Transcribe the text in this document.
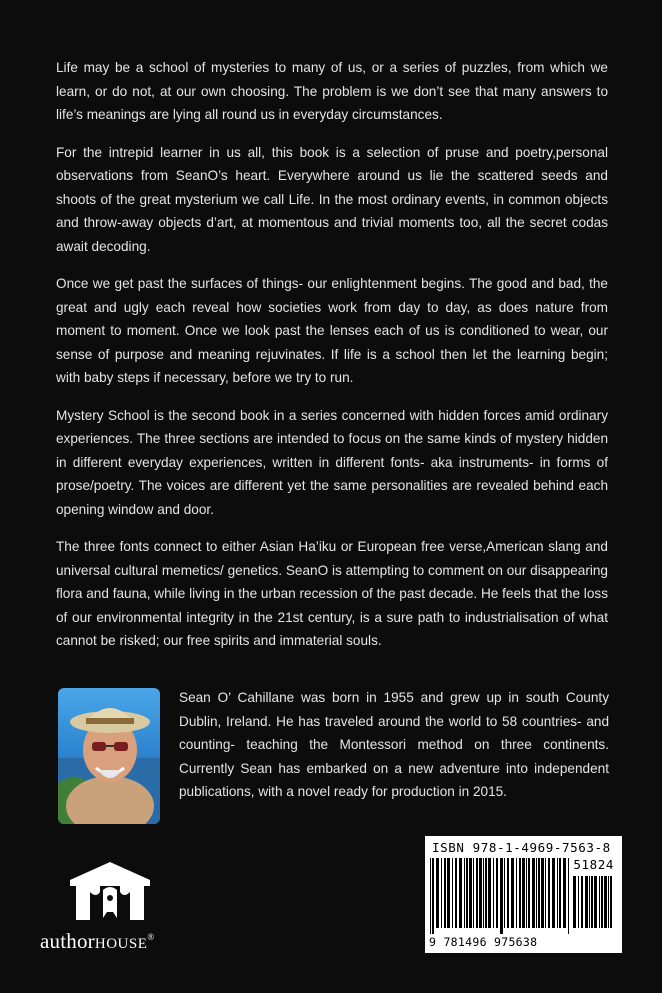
Life may be a school of mysteries to many of us, or a series of puzzles, from which we learn, or do not, at our own choosing. The problem is we don’t see that many answers to life’s meanings are lying all round us in everyday circumstances.

For the intrepid learner in us all, this book is a selection of pruse and poetry,personal observations from SeanO’s heart. Everywhere around us lie the scattered seeds and shoots of the great mysterium we call Life. In the most ordinary events, in common objects and throw-away objects d’art, at momentous and trivial moments too, all the secret codas await decoding.

Once we get past the surfaces of things- our enlightenment begins. The good and bad, the great and ugly each reveal how societies work from day to day, as does nature from moment to moment. Once we look past the lenses each of us is conditioned to wear, our sense of purpose and meaning rejuvinates. If life is a school then let the learning begin; with baby steps if necessary, before we try to run.

Mystery School is the second book in a series concerned with hidden forces amid ordinary experiences. The three sections are intended to focus on the same kinds of mystery hidden in different everyday experiences, written in different fonts- aka instruments- in forms of prose/poetry. The voices are different yet the same personalities are revealed behind each opening window and door.

The three fonts connect to either Asian Ha’iku or European free verse,American slang and universal cultural memetics/ genetics. SeanO is attempting to comment on our disappearing flora and fauna, while living in the urban recession of the past decade. He feels that the loss of our environmental integrity in the 21st century, is a sure path to industrialisation of what cannot be risked; our free spirits and immaterial souls.

Sean O’ Cahillane was born in 1955 and grew up in south County Dublin, Ireland. He has traveled around the world to 58 countries- and counting- teaching the Montessori method on three continents. Currently Sean has embarked on a new adventure into independent publications, with a novel ready for production in 2015.

authorHOUSE®
ISBN 978-1-4969-7563-8
51824
9 781496 975638
